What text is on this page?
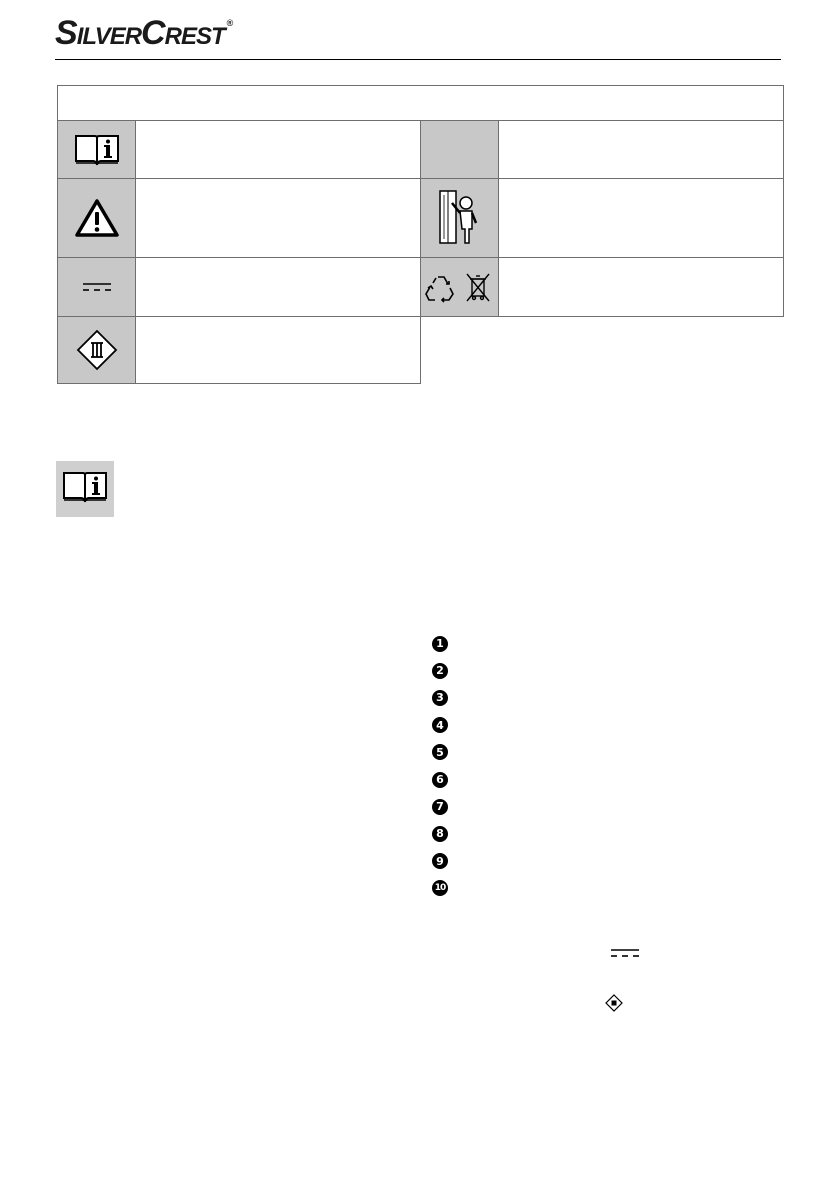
SILVERCREST ®

1
2
3
4
5
6
7
8
9
10
